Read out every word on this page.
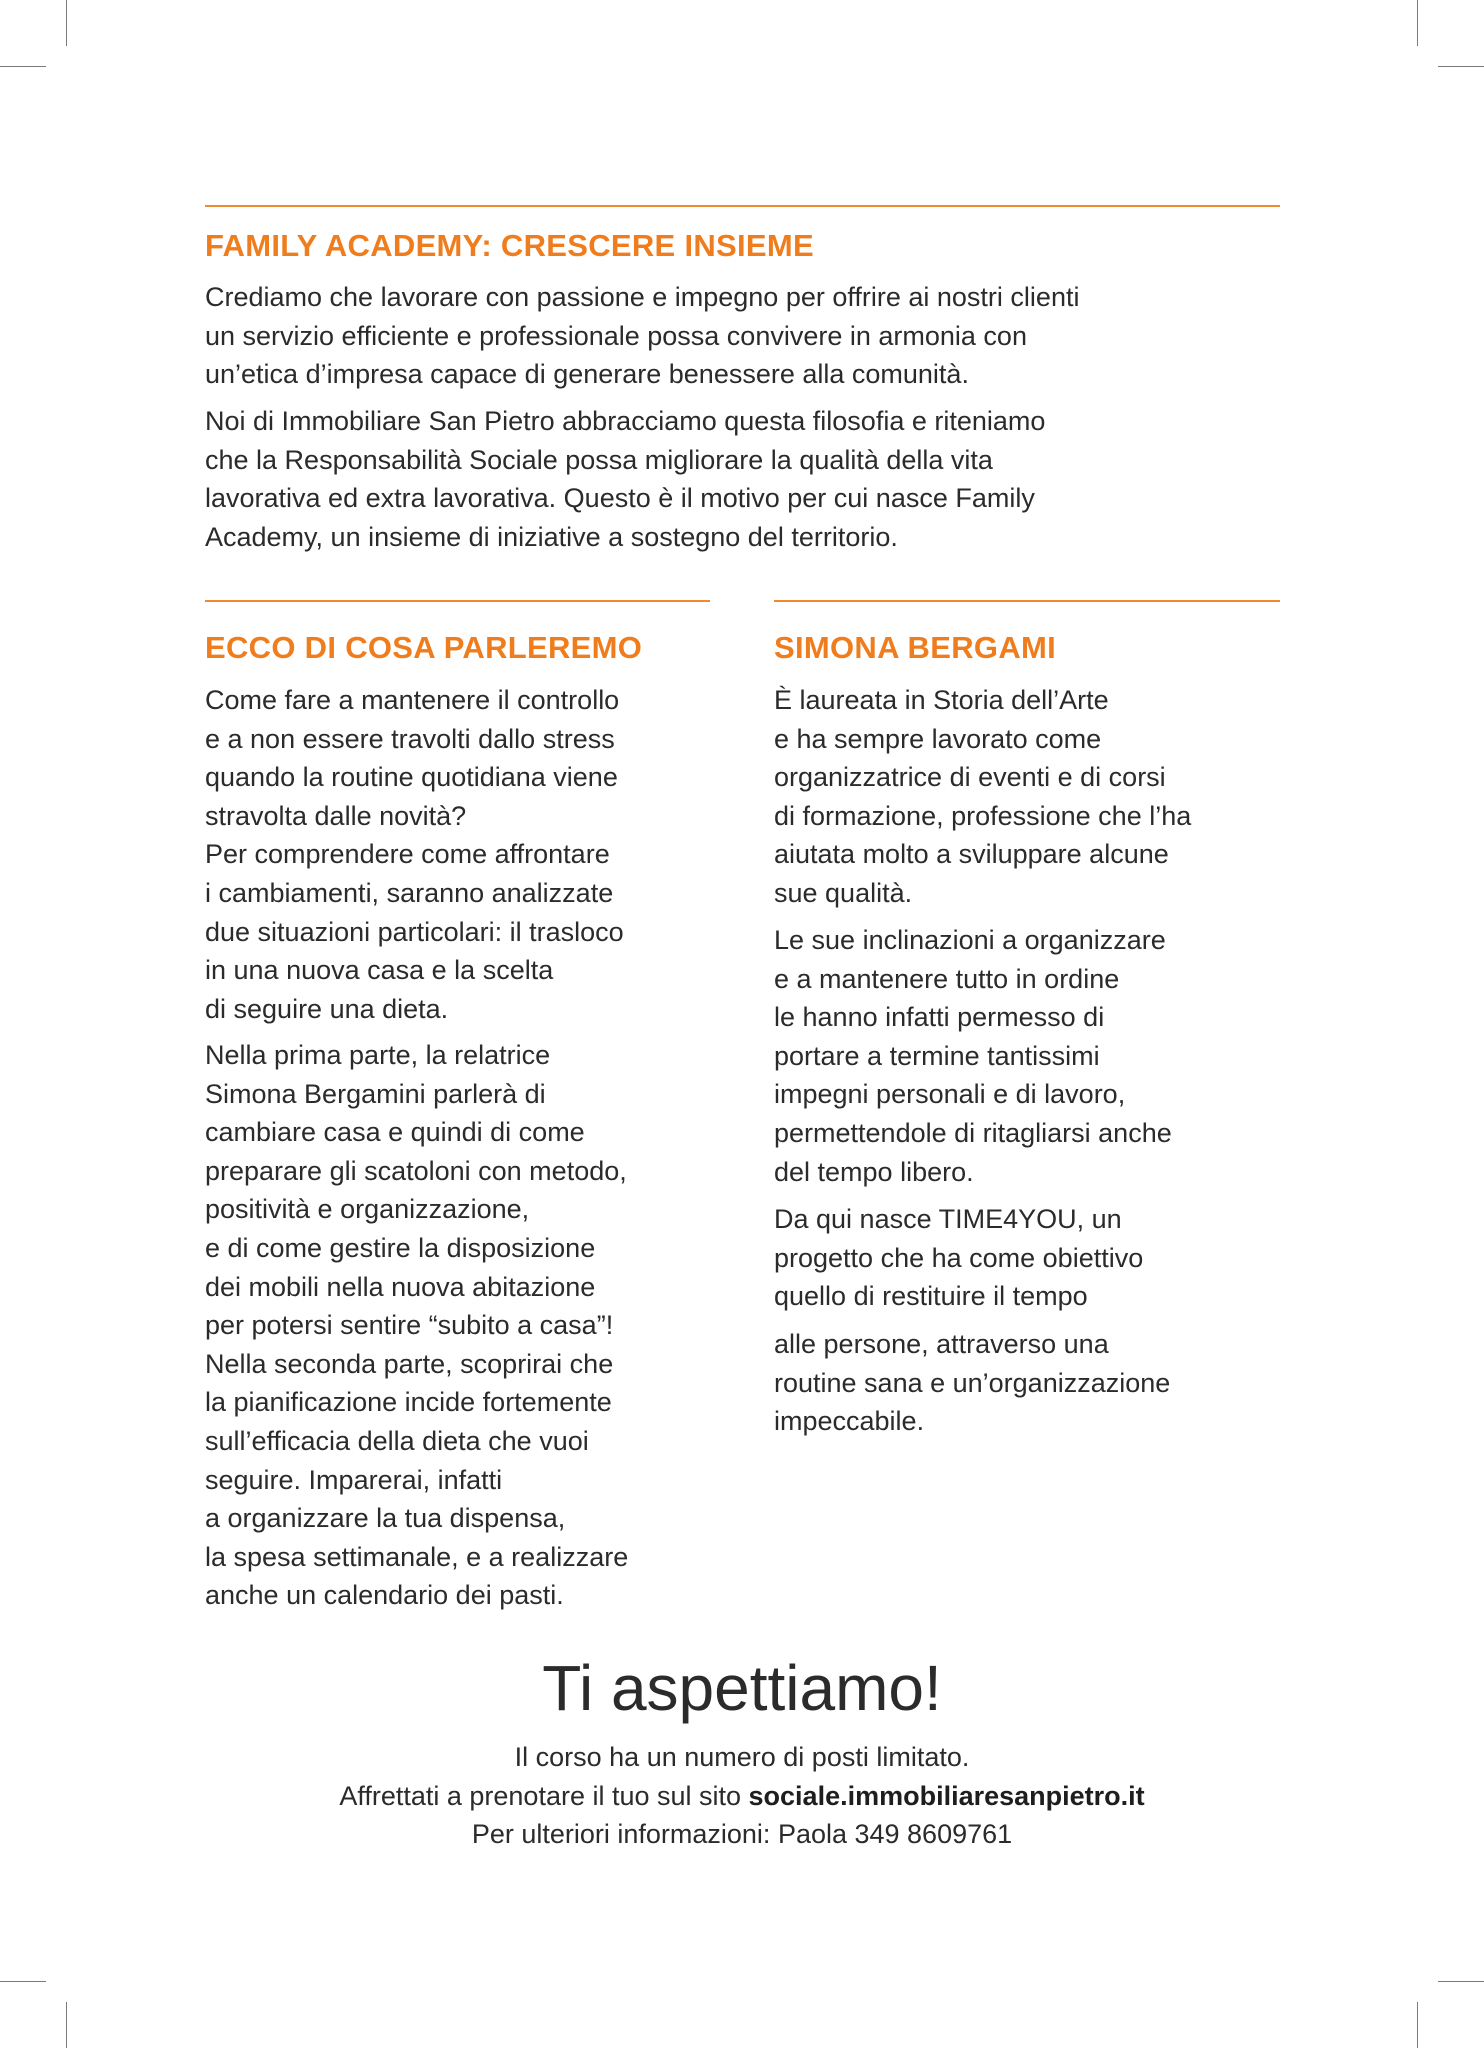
FAMILY ACADEMY: CRESCERE INSIEME

Crediamo che lavorare con passione e impegno per offrire ai nostri clienti
un servizio efficiente e professionale possa convivere in armonia con
un’etica d’impresa capace di generare benessere alla comunità.

Noi di Immobiliare San Pietro abbracciamo questa filosofia e riteniamo
che la Responsabilità Sociale possa migliorare la qualità della vita
lavorativa ed extra lavorativa. Questo è il motivo per cui nasce Family
Academy, un insieme di iniziative a sostegno del territorio.

ECCO DI COSA PARLEREMO

Come fare a mantenere il controllo
e a non essere travolti dallo stress
quando la routine quotidiana viene
stravolta dalle novità?
Per comprendere come affrontare
i cambiamenti, saranno analizzate
due situazioni particolari: il trasloco
in una nuova casa e la scelta
di seguire una dieta.

Nella prima parte, la relatrice
Simona Bergamini parlerà di
cambiare casa e quindi di come
preparare gli scatoloni con metodo,
positività e organizzazione,
e di come gestire la disposizione
dei mobili nella nuova abitazione
per potersi sentire “subito a casa”!
Nella seconda parte, scoprirai che
la pianificazione incide fortemente
sull’efficacia della dieta che vuoi
seguire. Imparerai, infatti
a organizzare la tua dispensa,
la spesa settimanale, e a realizzare
anche un calendario dei pasti.

SIMONA BERGAMI

È laureata in Storia dell’Arte
e ha sempre lavorato come
organizzatrice di eventi e di corsi
di formazione, professione che l’ha
aiutata molto a sviluppare alcune
sue qualità.

Le sue inclinazioni a organizzare
e a mantenere tutto in ordine
le hanno infatti permesso di
portare a termine tantissimi
impegni personali e di lavoro,
permettendole di ritagliarsi anche
del tempo libero.

Da qui nasce TIME4YOU, un
progetto che ha come obiettivo
quello di restituire il tempo

alle persone, attraverso una
routine sana e un’organizzazione
impeccabile.

Ti aspettiamo!
Il corso ha un numero di posti limitato.
Affrettati a prenotare il tuo sul sito sociale.immobiliaresanpietro.it
Per ulteriori informazioni: Paola 349 8609761
